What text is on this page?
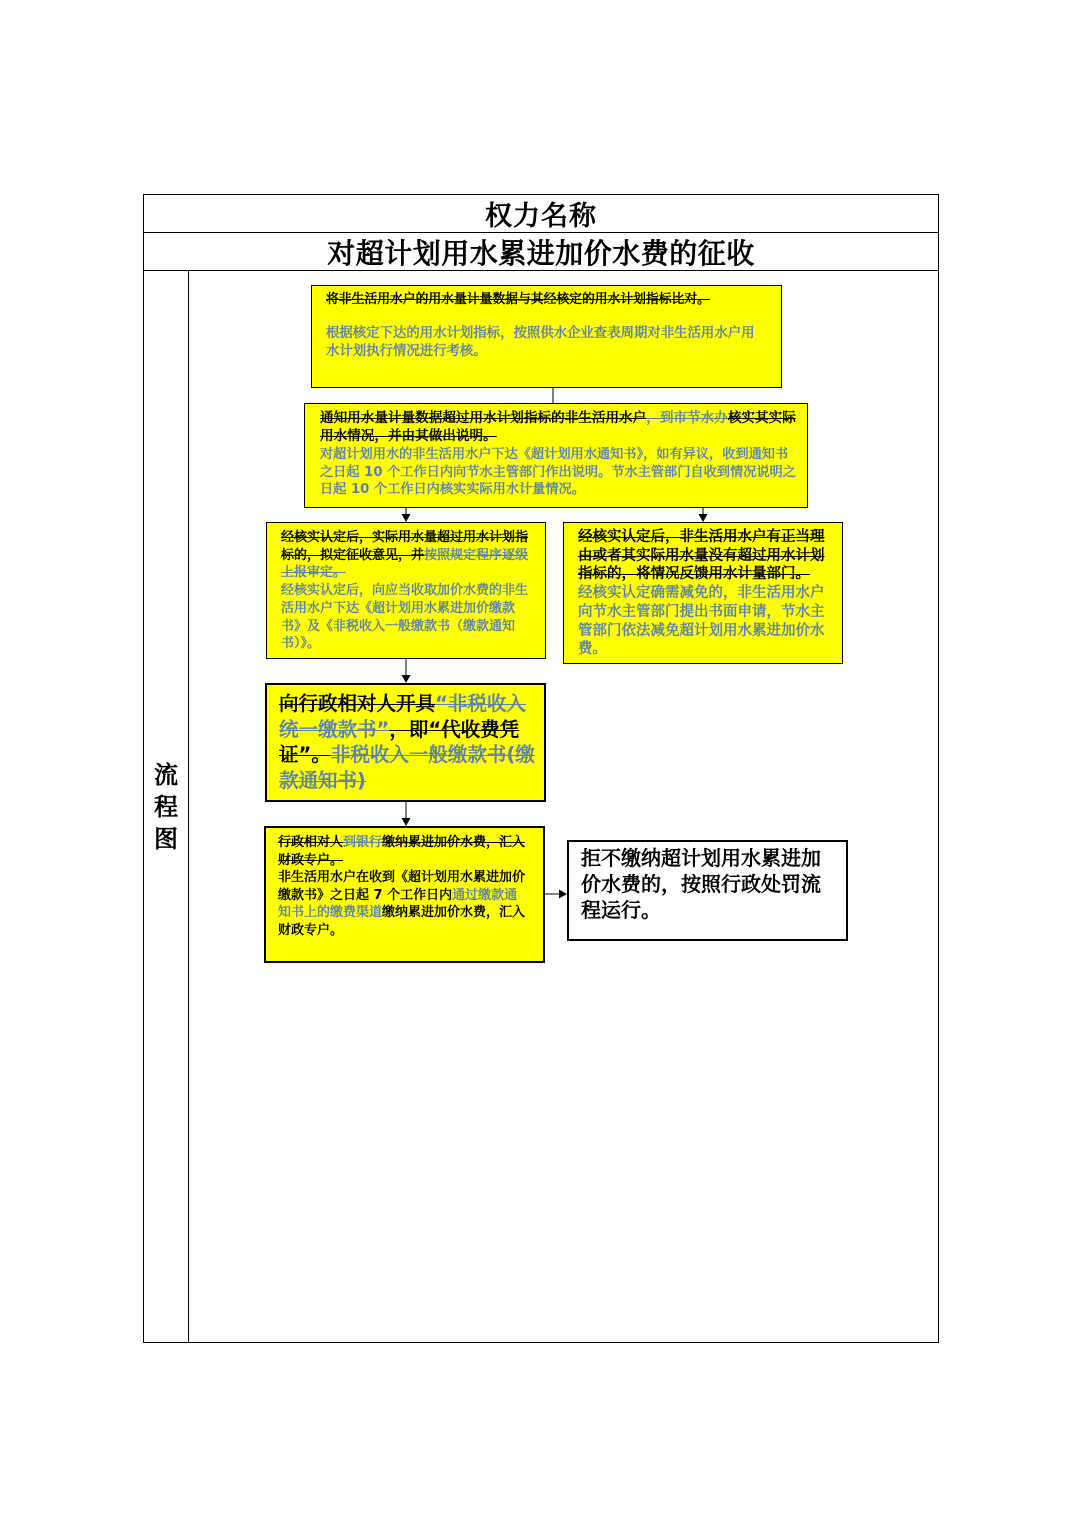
权力名称
对超计划用水累进加价水费的征收
流程图

将非生活用水户的用水量计量数据与其经核定的用水计划指标比对。

根据核定下达的用水计划指标，按照供水企业查表周期对非生活用水户用水计划执行情况进行考核。

通知用水量计量数据超过用水计划指标的非生活用水户，到市节水办核实其实际用水情况，并由其做出说明。

对超计划用水的非生活用水户下达《超计划用水通知书》，如有异议，收到通知书之日起 10 个工作日内向节水主管部门作出说明。节水主管部门自收到情况说明之日起 10 个工作日内核实实际用水计量情况。

经核实认定后，实际用水量超过用水计划指标的，拟定征收意见，并按照规定程序逐级上报审定。

经核实认定后，向应当收取加价水费的非生活用水户下达《超计划用水累进加价缴款书》及《非税收入一般缴款书（缴款通知书）》。

经核实认定后，非生活用水户有正当理由或者其实际用水量没有超过用水计划指标的，将情况反馈用水计量部门。

经核实认定确需减免的，非生活用水户向节水主管部门提出书面申请，节水主管部门依法减免超计划用水累进加价水费。

向行政相对人开具“非税收入统一缴款书”，即“代收费凭证”。非税收入一般缴款书(缴款通知书)

行政相对人到银行缴纳累进加价水费，汇入财政专户。

非生活用水户在收到《超计划用水累进加价缴款书》之日起 7 个工作日内通过缴款通知书上的缴费渠道缴纳累进加价水费，汇入财政专户。

拒不缴纳超计划用水累进加价水费的，按照行政处罚流程运行。
